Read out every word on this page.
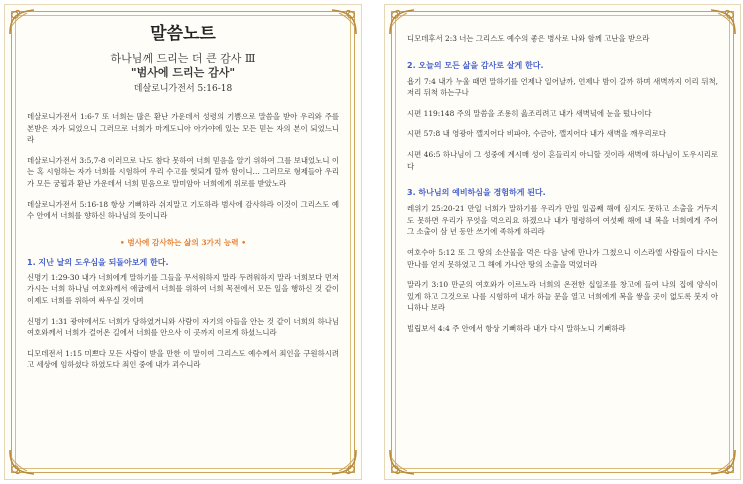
말씀노트
하나님께 드리는 더 큰 감사 Ⅲ
"범사에 드리는 감사"
데살로니가전서 5:16-18

데살로니가전서 1:6-7 또 너희는 많은 환난 가운데서 성령의 기쁨으로 말씀을 받아 우리와 주를 본받은 자가 되었으니 그러므로 너희가 마게도니아 아가야에 있는 모든 믿는 자의 본이 되었느니라

데살로니가전서 3:5,7-8 이러므로 나도 참다 못하여 너희 믿음을 알기 위하여 그를 보내었노니 이는 혹 시험하는 자가 너희를 시험하여 우리 수고를 헛되게 할까 함이니… 그러므로 형제들아 우리가 모든 궁핍과 환난 가운데서 너희 믿음으로 말미암아 너희에게 위로를 받았노라

데살로니가전서 5:16-18 항상 기뻐하라 쉬지말고 기도하라 범사에 감사하라 이것이 그리스도 예수 안에서 너희를 향하신 하나님의 뜻이니라

• 범사에 감사하는 삶의 3가지 능력 •

1. 지난 날의 도우심을 되돌아보게 한다.

신명기 1:29-30 내가 너희에게 말하기를 그들을 무서워하지 말라 두려워하지 말라 너희보다 먼저 가시는 너희 하나님 여호와께서 애굽에서 너희를 위하여 너희 목전에서 모든 일을 행하신 것 같이 이제도 너희를 위하여 싸우실 것이며

신명기 1:31 광야에서도 너희가 당하였거니와 사람이 자기의 아들을 안는 것 같이 너희의 하나님 여호와께서 너희가 걸어온 길에서 너희를 안으사 이 곳까지 이르게 하셨느니라

디모데전서 1:15 미쁘다 모든 사람이 받을 만한 이 말이여 그리스도 예수께서 죄인을 구원하시려고 세상에 임하셨다 하였도다 죄인 중에 내가 괴수니라

디모데후서 2:3 너는 그리스도 예수의 좋은 병사로 나와 함께 고난을 받으라

2. 오늘의 모든 삶을 감사로 살게 한다.

욥기 7:4 내가 누울 때면 말하기를 언제나 일어날까, 언제나 밤이 갈까 하며 새벽까지 이리 뒤척, 저리 뒤척 하는구나

시편 119:148 주의 말씀을 조용히 읊조리려고 내가 새벽녘에 눈을 떴나이다

시편 57:8 내 영광아 깰지어다 비파야, 수금아, 깰지어다 내가 새벽을 깨우리로다

시편 46:5 하나님이 그 성중에 계시매 성이 흔들리지 아니할 것이라 새벽에 하나님이 도우시리로다

3. 하나님의 예비하심을 경험하게 된다.

레위기 25:20-21 만일 너희가 말하기를 우리가 만일 일곱째 해에 심지도 못하고 소출을 거두지도 못하면 우리가 무엇을 먹으리요 하겠으나 내가 명령하여 여섯째 해에 내 복을 너희에게 주어 그 소출이 삼 년 동안 쓰기에 족하게 하리라

여호수아 5:12 또 그 땅의 소산물을 먹은 다음 날에 만나가 그쳤으니 이스라엘 사람들이 다시는 만나를 얻지 못하였고 그 해에 가나안 땅의 소출을 먹었더라

말라기 3:10 만군의 여호와가 이르노라 너희의 온전한 십일조를 창고에 들여 나의 집에 양식이 있게 하고 그것으로 나를 시험하여 내가 하늘 문을 열고 너희에게 복을 쌓을 곳이 없도록 붓지 아니하나 보라

빌립보서 4:4 주 안에서 항상 기뻐하라 내가 다시 말하노니 기뻐하라
